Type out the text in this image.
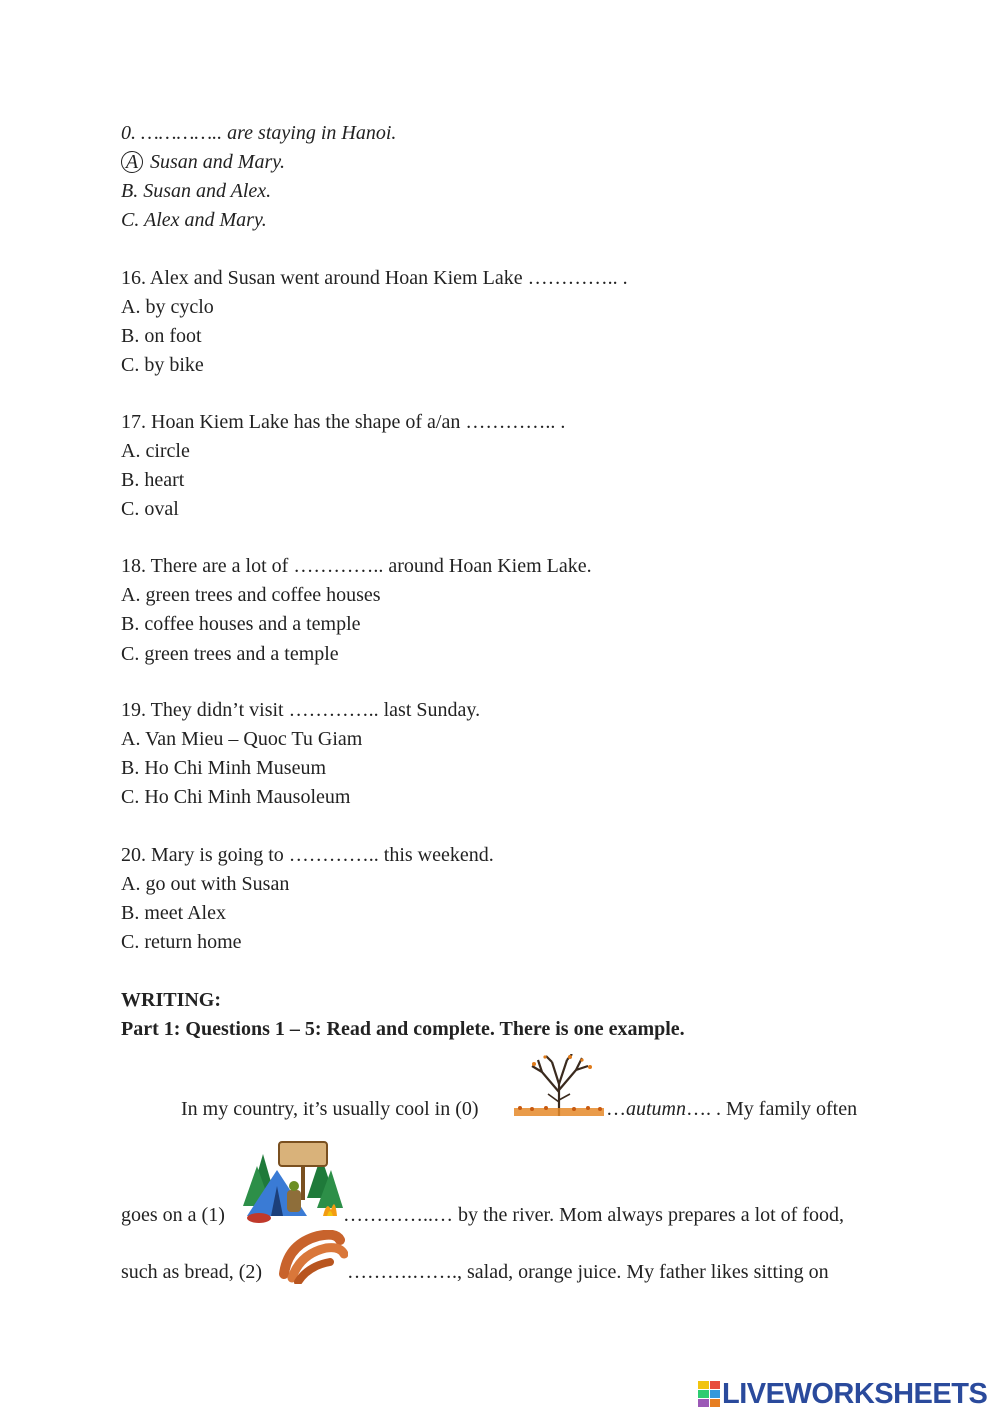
0. ………….. are staying in Hanoi.
A Susan and Mary.
B. Susan and Alex.
C. Alex and Mary.
16. Alex and Susan went around Hoan Kiem Lake ………….. .
A. by cyclo
B. on foot
C. by bike
17. Hoan Kiem Lake has the shape of a/an ………….. .
A. circle
B. heart
C. oval
18. There are a lot of ………….. around Hoan Kiem Lake.
A. green trees and coffee houses
B. coffee houses and a temple
C. green trees and a temple
19. They didn’t visit ………….. last Sunday.
A. Van Mieu – Quoc Tu Giam
B. Ho Chi Minh Museum
C. Ho Chi Minh Mausoleum
20. Mary is going to ………….. this weekend.
A. go out with Susan
B. meet Alex
C. return home
WRITING:
Part 1: Questions 1 – 5: Read and complete. There is one example.
In my country, it’s usually cool in (0)	…autumn…. . My family often
goes on a (1)	…………..… by the river. Mom always prepares a lot of food,
such as bread, (2)	……….……., salad, orange juice. My father likes sitting on
LIVEWORKSHEETS
